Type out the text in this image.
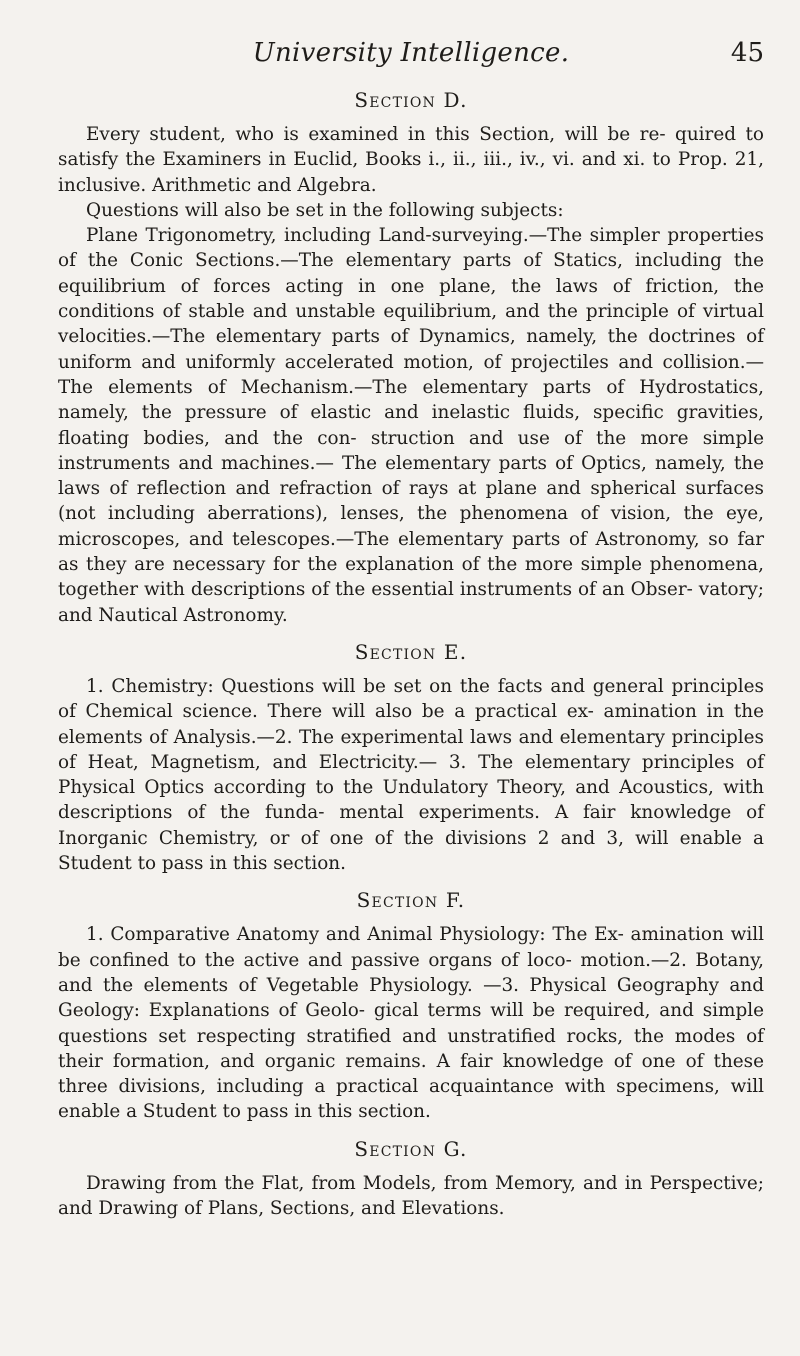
University Intelligence.	45
Section D.

Every student, who is examined in this Section, will be re- quired to satisfy the Examiners in Euclid, Books i., ii., iii., iv., vi. and xi. to Prop. 21, inclusive. Arithmetic and Algebra.

Questions will also be set in the following subjects:

Plane Trigonometry, including Land-surveying.—The simpler properties of the Conic Sections.—The elementary parts of Statics, including the equilibrium of forces acting in one plane, the laws of friction, the conditions of stable and unstable equilibrium, and the principle of virtual velocities.—The elementary parts of Dynamics, namely, the doctrines of uniform and uniformly accelerated motion, of projectiles and collision.—The elements of Mechanism.—The elementary parts of Hydrostatics, namely, the pressure of elastic and inelastic fluids, specific gravities, floating bodies, and the con- struction and use of the more simple instruments and machines.— The elementary parts of Optics, namely, the laws of reflection and refraction of rays at plane and spherical surfaces (not including aberrations), lenses, the phenomena of vision, the eye, microscopes, and telescopes.—The elementary parts of Astronomy, so far as they are necessary for the explanation of the more simple phenomena, together with descriptions of the essential instruments of an Obser- vatory; and Nautical Astronomy.

Section E.

1. Chemistry: Questions will be set on the facts and general principles of Chemical science. There will also be a practical ex- amination in the elements of Analysis.—2. The experimental laws and elementary principles of Heat, Magnetism, and Electricity.— 3. The elementary principles of Physical Optics according to the Undulatory Theory, and Acoustics, with descriptions of the funda- mental experiments. A fair knowledge of Inorganic Chemistry, or of one of the divisions 2 and 3, will enable a Student to pass in this section.

Section F.

1. Comparative Anatomy and Animal Physiology: The Ex- amination will be confined to the active and passive organs of loco- motion.—2. Botany, and the elements of Vegetable Physiology. —3. Physical Geography and Geology: Explanations of Geolo- gical terms will be required, and simple questions set respecting stratified and unstratified rocks, the modes of their formation, and organic remains. A fair knowledge of one of these three divisions, including a practical acquaintance with specimens, will enable a Student to pass in this section.

Section G.

Drawing from the Flat, from Models, from Memory, and in Perspective; and Drawing of Plans, Sections, and Elevations.
